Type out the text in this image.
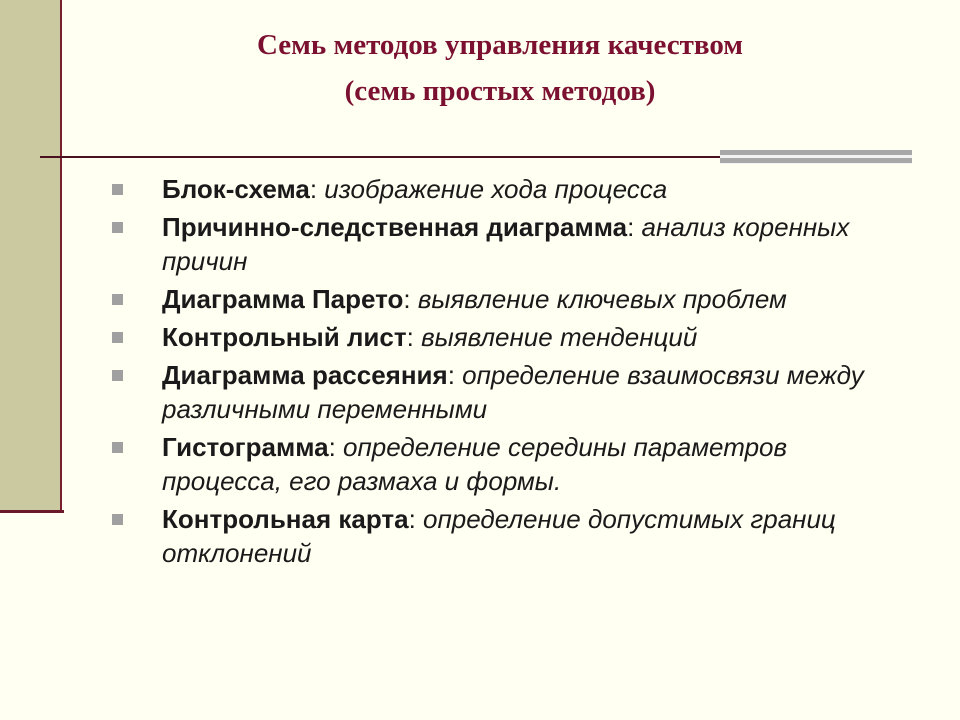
Семь методов управления качеством
(семь простых методов)
Блок-схема: изображение хода процесса
Причинно-следственная диаграмма: анализ коренных причин
Диаграмма Парето: выявление ключевых проблем
Контрольный лист: выявление тенденций
Диаграмма рассеяния: определение взаимосвязи между различными переменными
Гистограмма: определение середины параметров процесса, его размаха и формы.
Контрольная карта: определение допустимых границ отклонений
